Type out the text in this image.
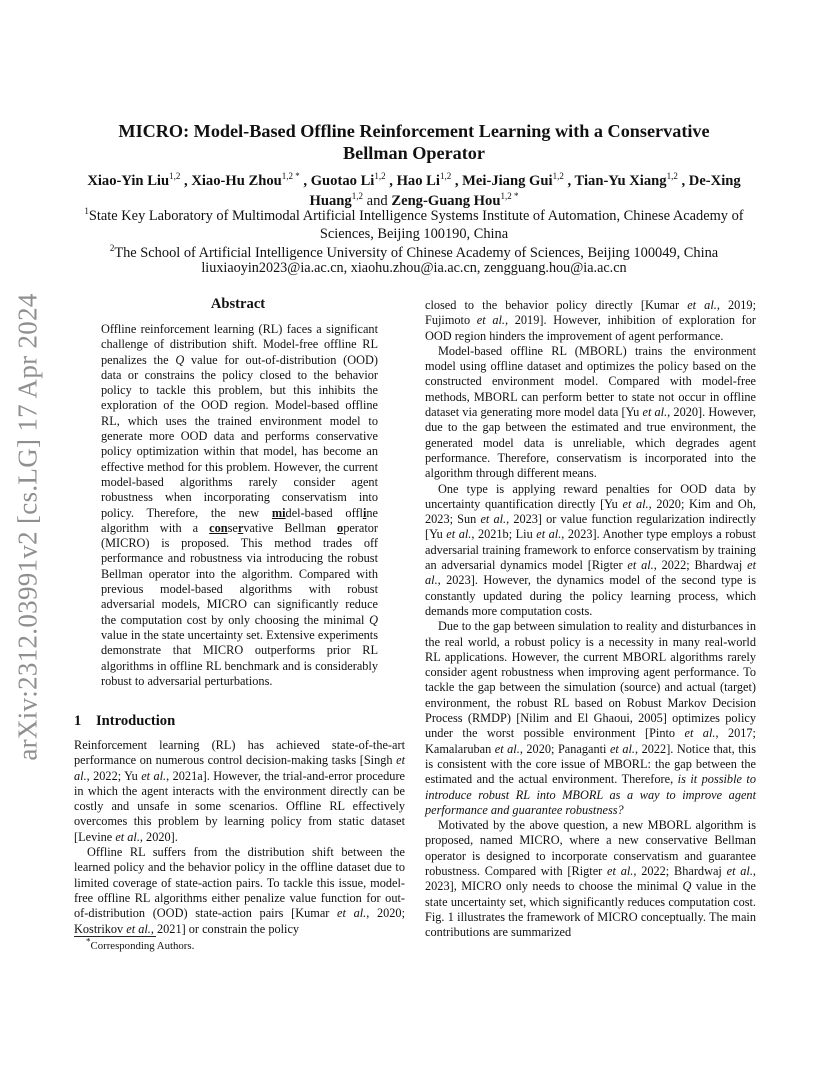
arXiv:2312.03991v2 [cs.LG] 17 Apr 2024
MICRO: Model-Based Offline Reinforcement Learning with a Conservative Bellman Operator
Xiao-Yin Liu$^{1,2}$ , Xiao-Hu Zhou$^{1,2}$ * , Guotao Li$^{1,2}$ , Hao Li$^{1,2}$ , Mei-Jiang Gui$^{1,2}$ , Tian-Yu Xiang$^{1,2}$ , De-Xing Huang$^{1,2}$ and Zeng-Guang Hou$^{1,2}$ *
$^1$State Key Laboratory of Multimodal Artificial Intelligence Systems Institute of Automation, Chinese Academy of Sciences, Beijing 100190, China
$^2$The School of Artificial Intelligence University of Chinese Academy of Sciences, Beijing 100049, China
liuxiaoyin2023@ia.ac.cn, xiaohu.zhou@ia.ac.cn, zengguang.hou@ia.ac.cn
Abstract
Offline reinforcement learning (RL) faces a significant challenge of distribution shift. Model-free offline RL penalizes the Q value for out-of-distribution (OOD) data or constrains the policy closed to the behavior policy to tackle this problem, but this inhibits the exploration of the OOD region. Model-based offline RL, which uses the trained environment model to generate more OOD data and performs conservative policy optimization within that model, has become an effective method for this problem. However, the current model-based algorithms rarely consider agent robustness when incorporating conservatism into policy. Therefore, the new midel-based offline algorithm with a conservative Bellman operator (MICRO) is proposed. This method trades off performance and robustness via introducing the robust Bellman operator into the algorithm. Compared with previous model-based algorithms with robust adversarial models, MICRO can significantly reduce the computation cost by only choosing the minimal Q value in the state uncertainty set. Extensive experiments demonstrate that MICRO outperforms prior RL algorithms in offline RL benchmark and is considerably robust to adversarial perturbations.
1 Introduction

Reinforcement learning (RL) has achieved state-of-the-art performance on numerous control decision-making tasks [Singh et al., 2022; Yu et al., 2021a]. However, the trial-and-error procedure in which the agent interacts with the environment directly can be costly and unsafe in some scenarios. Offline RL effectively overcomes this problem by learning policy from static dataset [Levine et al., 2020].

Offline RL suffers from the distribution shift between the learned policy and the behavior policy in the offline dataset due to limited coverage of state-action pairs. To tackle this issue, model-free offline RL algorithms either penalize value function for out-of-distribution (OOD) state-action pairs [Kumar et al., 2020; Kostrikov et al., 2021] or constrain the policy

closed to the behavior policy directly [Kumar et al., 2019; Fujimoto et al., 2019]. However, inhibition of exploration for OOD region hinders the improvement of agent performance.

Model-based offline RL (MBORL) trains the environment model using offline dataset and optimizes the policy based on the constructed environment model. Compared with model-free methods, MBORL can perform better to state not occur in offline dataset via generating more model data [Yu et al., 2020]. However, due to the gap between the estimated and true environment, the generated model data is unreliable, which degrades agent performance. Therefore, conservatism is incorporated into the algorithm through different means.

One type is applying reward penalties for OOD data by uncertainty quantification directly [Yu et al., 2020; Kim and Oh, 2023; Sun et al., 2023] or value function regularization indirectly [Yu et al., 2021b; Liu et al., 2023]. Another type employs a robust adversarial training framework to enforce conservatism by training an adversarial dynamics model [Rigter et al., 2022; Bhardwaj et al., 2023]. However, the dynamics model of the second type is constantly updated during the policy learning process, which demands more computation costs.

Due to the gap between simulation to reality and disturbances in the real world, a robust policy is a necessity in many real-world RL applications. However, the current MBORL algorithms rarely consider agent robustness when improving agent performance. To tackle the gap between the simulation (source) and actual (target) environment, the robust RL based on Robust Markov Decision Process (RMDP) [Nilim and El Ghaoui, 2005] optimizes policy under the worst possible environment [Pinto et al., 2017; Kamalaruban et al., 2020; Panaganti et al., 2022]. Notice that, this is consistent with the core issue of MBORL: the gap between the estimated and the actual environment. Therefore, is it possible to introduce robust RL into MBORL as a way to improve agent performance and guarantee robustness?

Motivated by the above question, a new MBORL algorithm is proposed, named MICRO, where a new conservative Bellman operator is designed to incorporate conservatism and guarantee robustness. Compared with [Rigter et al., 2022; Bhardwaj et al., 2023], MICRO only needs to choose the minimal Q value in the state uncertainty set, which significantly reduces computation cost. Fig. 1 illustrates the framework of MICRO conceptually. The main contributions are summarized

*Corresponding Authors.
